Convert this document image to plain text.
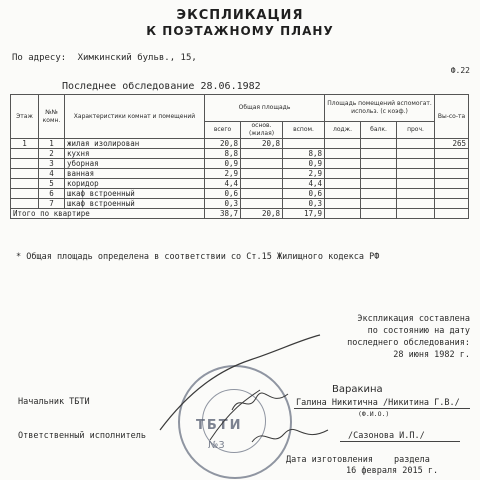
ЭКСПЛИКАЦИЯ
К ПОЭТАЖНОМУ ПЛАНУ
По адресу: Химкинский бульв., 15,
Ф.22
Последнее обследование 28.06.1982
Этаж	№№ комн.	Характеристики комнат и помещений	Общая площадь			Площадь помещений вспомогат. использ. (с коэф.)			Вы-со-та
			всего	основ. (жилая)	вспом.	лодж.	балк.	проч.	
1	1	жилая изолирован	20,8	20,8					265
	2	кухня	8,8		8,8				
	3	уборная	0,9		0,9				
	4	ванная	2,9		2,9				
	5	коридор	4,4		4,4				
	6	шкаф встроенный	0,6		0,6				
	7	шкаф встроенный	0,3		0,3				
Итого по квартире			38,7	20,8	17,9				
* Общая площадь определена в соответствии со Ст.15 Жилищного кодекса РФ
Экспликация составлена
по состоянию на дату
последнего обследования:
28 июня 1982 г.
ТБТИ
№3
Начальник ТБТИ
Варакина
Галина Никитична /Никитина Г.В./
(Ф.И.О.)
Ответственный исполнитель	/Сазонова И.П./
Дата изготовления раздела
16 февраля 2015 г.
